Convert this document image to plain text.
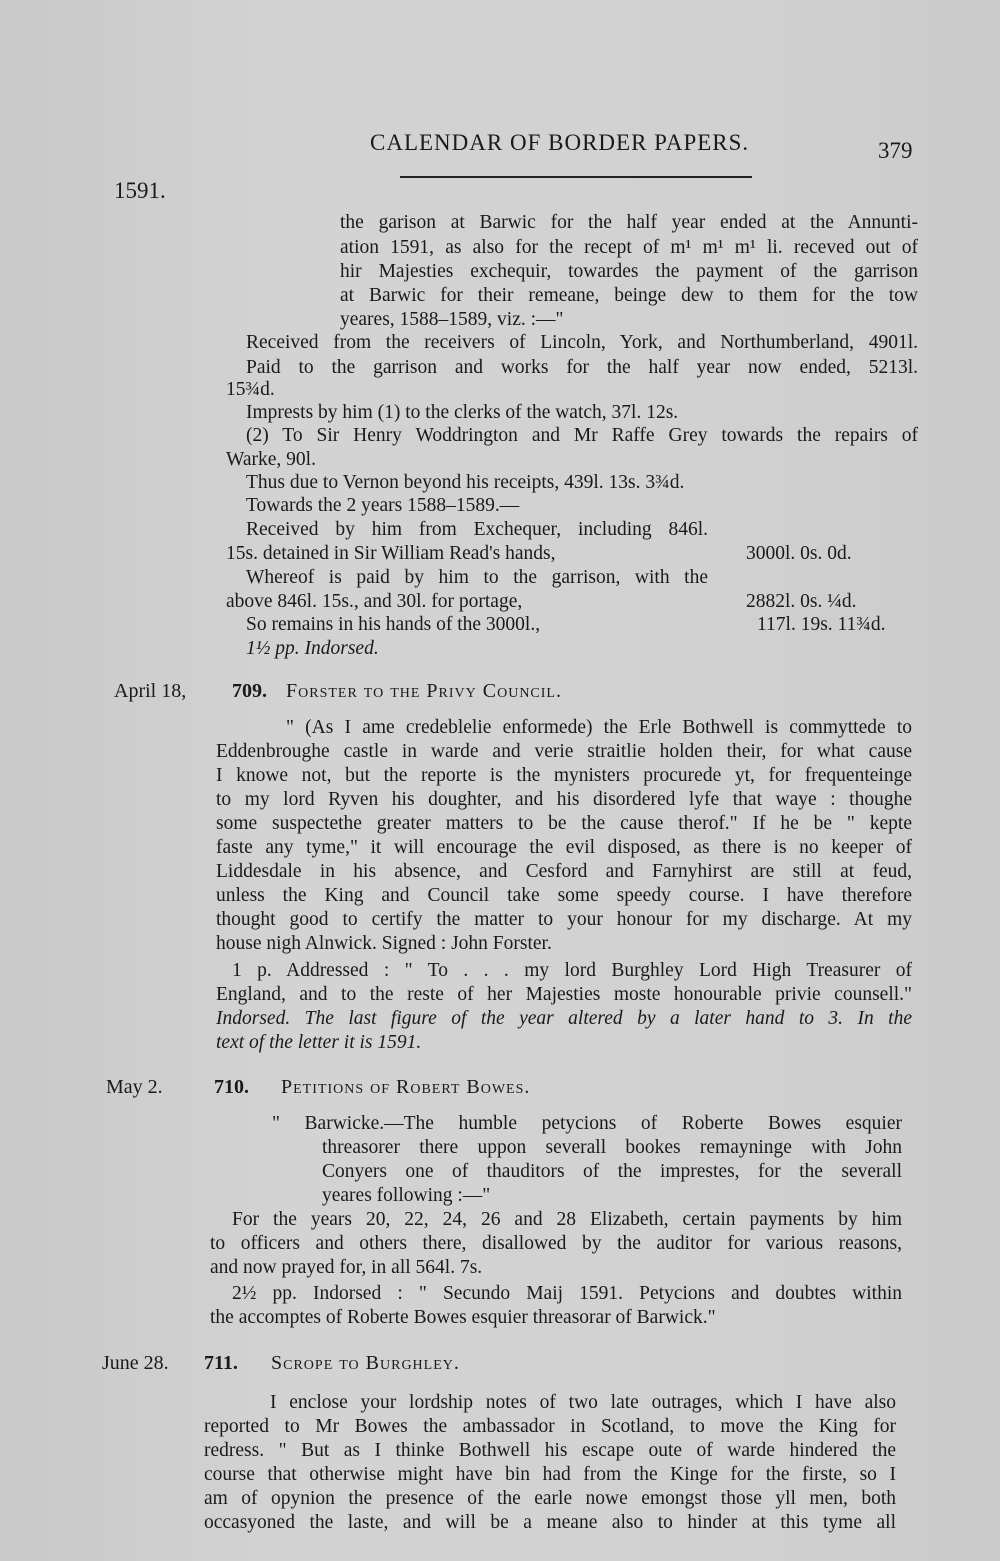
CALENDAR OF BORDER PAPERS.	379
1591.
the garison at Barwic for the half year ended at the Annunti-
ation 1591, as also for the recept of m¹ m¹ m¹ li. receved out of
hir Majesties exchequir, towardes the payment of the garrison
at Barwic for their remeane, beinge dew to them for the tow
yeares, 1588–1589, viz. :—"
Received from the receivers of Lincoln, York, and Northumberland, 4901l.
Paid to the garrison and works for the half year now ended, 5213l.
15¾d.
Imprests by him (1) to the clerks of the watch, 37l. 12s.
(2) To Sir Henry Woddrington and Mr Raffe Grey towards the repairs of
Warke, 90l.
Thus due to Vernon beyond his receipts, 439l. 13s. 3¾d.
Towards the 2 years 1588–1589.—
Received by him from Exchequer, including 846l.
15s. detained in Sir William Read's hands,
Whereof is paid by him to the garrison, with the
above 846l. 15s., and 30l. for portage,
So remains in his hands of the 3000l.,
1½ pp. Indorsed.
3000l. 0s. 0d.
2882l. 0s. ¼d.
117l. 19s. 11¾d.
April 18, 709. Forster to the Privy Council.
" (As I ame credeblelie enformede) the Erle Bothwell is commyttede to
Eddenbroughe castle in warde and verie straitlie holden their, for what cause
I knowe not, but the reporte is the mynisters procurede yt, for frequenteinge
to my lord Ryven his doughter, and his disordered lyfe that waye : thoughe
some suspectethe greater matters to be the cause therof." If he be " kepte
faste any tyme," it will encourage the evil disposed, as there is no keeper of
Liddesdale in his absence, and Cesford and Farnyhirst are still at feud,
unless the King and Council take some speedy course. I have therefore
thought good to certify the matter to your honour for my discharge. At my
house nigh Alnwick. Signed : John Forster.
1 p. Addressed : " To . . . my lord Burghley Lord High Treasurer of
England, and to the reste of her Majesties moste honourable privie counsell."
Indorsed. The last figure of the year altered by a later hand to 3. In the
text of the letter it is 1591.
May 2.	710. Petitions of Robert Bowes.
" Barwicke.—The humble petycions of Roberte Bowes esquier
threasorer there uppon severall bookes remayninge with John
Conyers one of thauditors of the imprestes, for the severall
yeares following :—"
For the years 20, 22, 24, 26 and 28 Elizabeth, certain payments by him
to officers and others there, disallowed by the auditor for various reasons,
and now prayed for, in all 564l. 7s.
2½ pp. Indorsed : " Secundo Maij 1591. Petycions and doubtes within
the accomptes of Roberte Bowes esquier threasorar of Barwick."
June 28. 711. Scrope to Burghley.
I enclose your lordship notes of two late outrages, which I have also
reported to Mr Bowes the ambassador in Scotland, to move the King for
redress. " But as I thinke Bothwell his escape oute of warde hindered the
course that otherwise might have bin had from the Kinge for the firste, so I
am of opynion the presence of the earle nowe emongst those yll men, both
occasyoned the laste, and will be a meane also to hinder at this tyme all
